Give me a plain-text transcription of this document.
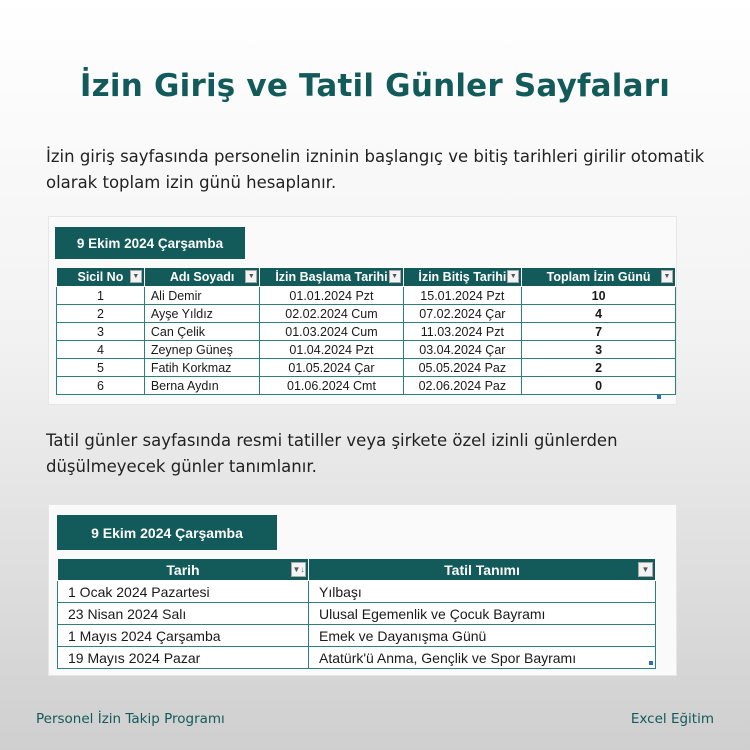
İzin Giriş ve Tatil Günler Sayfaları
İzin giriş sayfasında personelin izninin başlangıç ve bitiş tarihleri girilir otomatik olarak toplam izin günü hesaplanır.
9 Ekim 2024 Çarşamba
Sicil No ▼	Adı Soyadı ▼	İzin Başlama Tarihi ▼	İzin Bitiş Tarihi ▼	Toplam İzin Günü ▼

1	Ali Demir	01.01.2024 Pzt	15.01.2024 Pzt	10
2	Ayşe Yıldız	02.02.2024 Cum	07.02.2024 Çar	4
3	Can Çelik	01.03.2024 Cum	11.03.2024 Pzt	7
4	Zeynep Güneş	01.04.2024 Pzt	03.04.2024 Çar	3
5	Fatih Korkmaz	01.05.2024 Çar	05.05.2024 Paz	2
6	Berna Aydın	01.06.2024 Cmt	02.06.2024 Paz	0
Tatil günler sayfasında resmi tatiller veya şirkete özel izinli günlerden düşülmeyecek günler tanımlanır.
9 Ekim 2024 Çarşamba
Tarih ▼↓	Tatil Tanımı ▼

1 Ocak 2024 Pazartesi	Yılbaşı
23 Nisan 2024 Salı	Ulusal Egemenlik ve Çocuk Bayramı
1 Mayıs 2024 Çarşamba	Emek ve Dayanışma Günü
19 Mayıs 2024 Pazar	Atatürk'ü Anma, Gençlik ve Spor Bayramı
Personel İzin Takip Programı	Excel Eğitim
